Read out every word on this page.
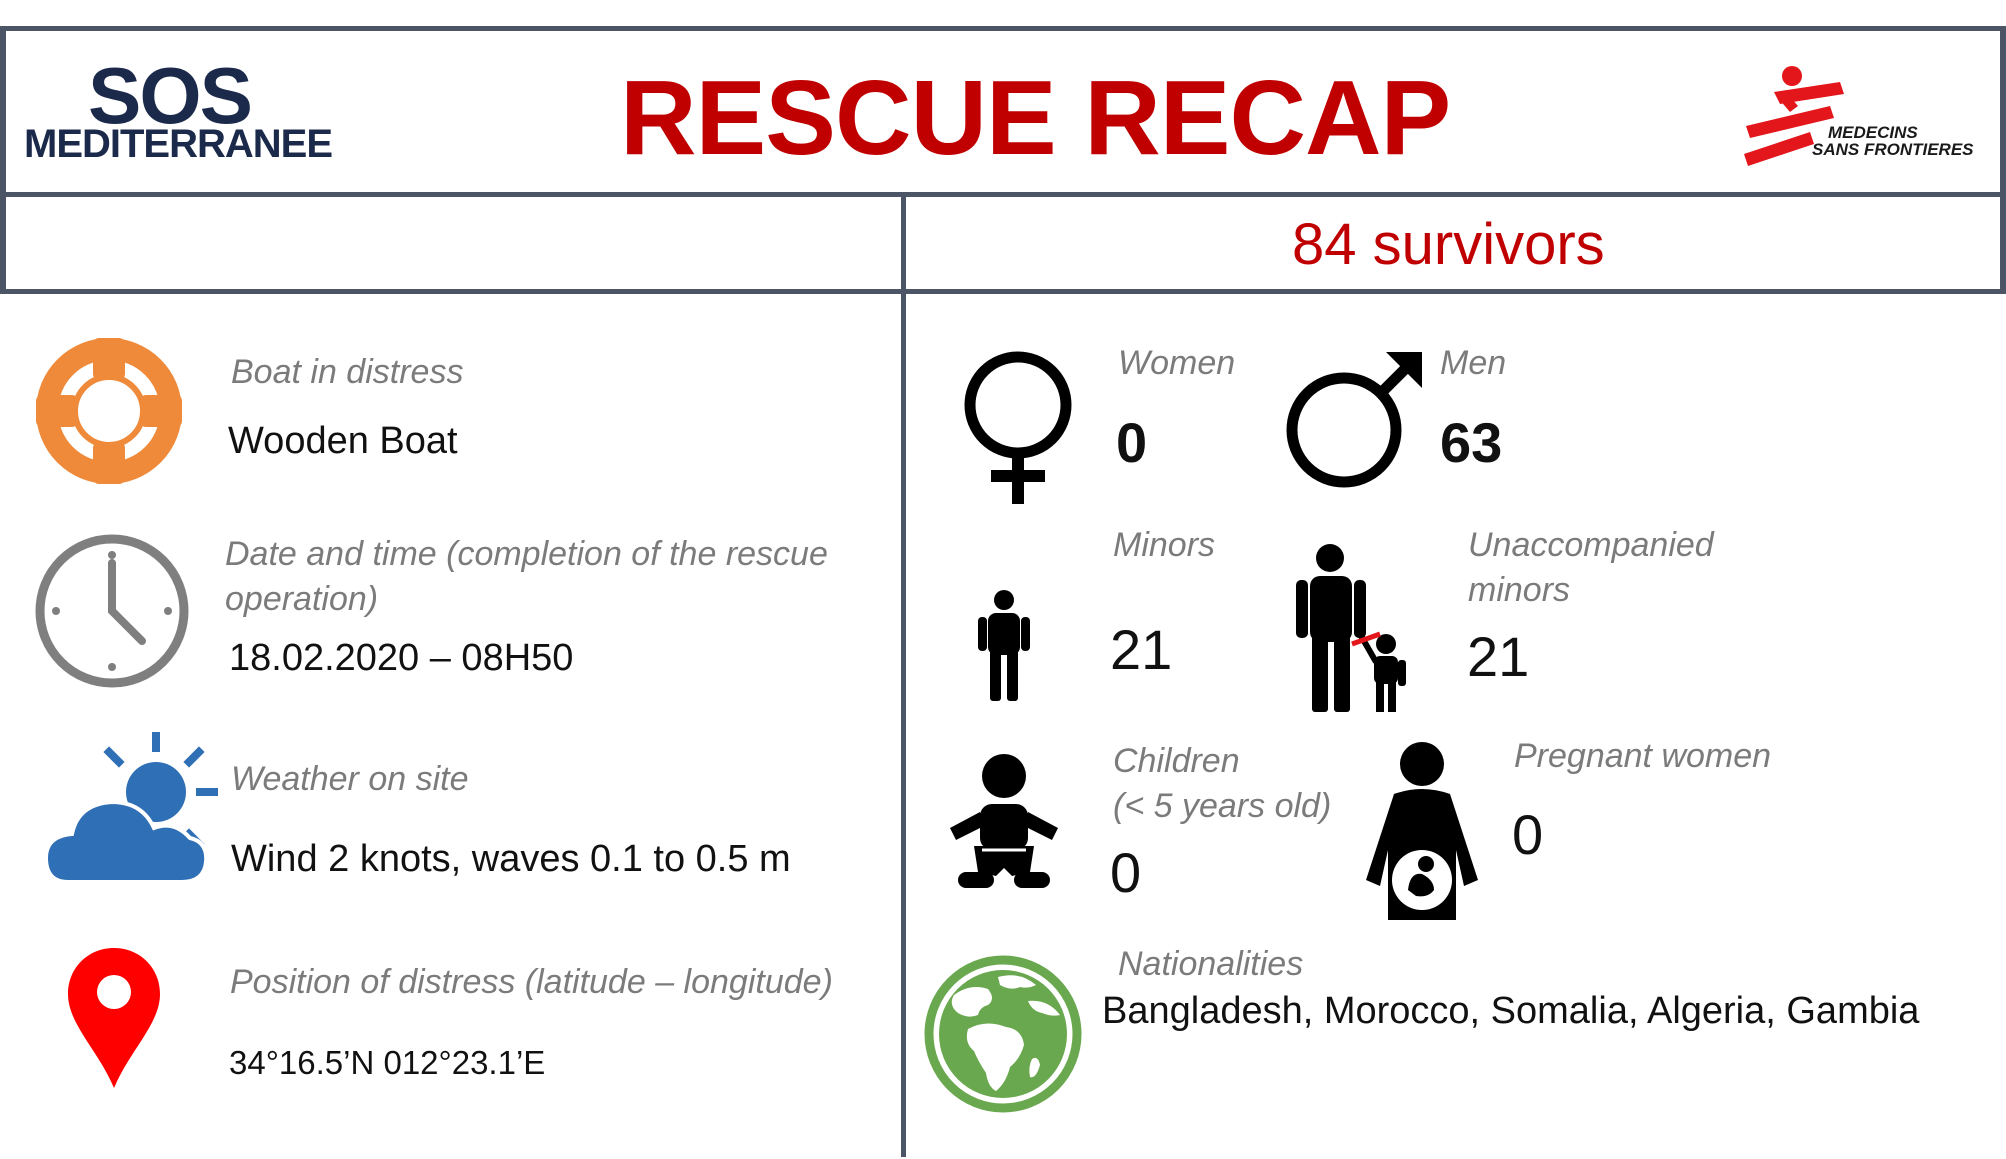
SOS
MEDITERRANEE	RESCUE RECAP	MEDECINS
SANS FRONTIERES
84 survivors
Boat in distress
Wooden Boat
Date and time (completion of the rescue
operation)
18.02.2020 – 08H50
Weather on site
Wind 2 knots, waves 0.1 to 0.5 m
Position of distress (latitude – longitude)
34°16.5’N 012°23.1’E
Women
0
Men
63
Minors
21
Unaccompanied
minors
21
Children
(< 5 years old)
0
Pregnant women
0
Nationalities
Bangladesh, Morocco, Somalia, Algeria, Gambia
